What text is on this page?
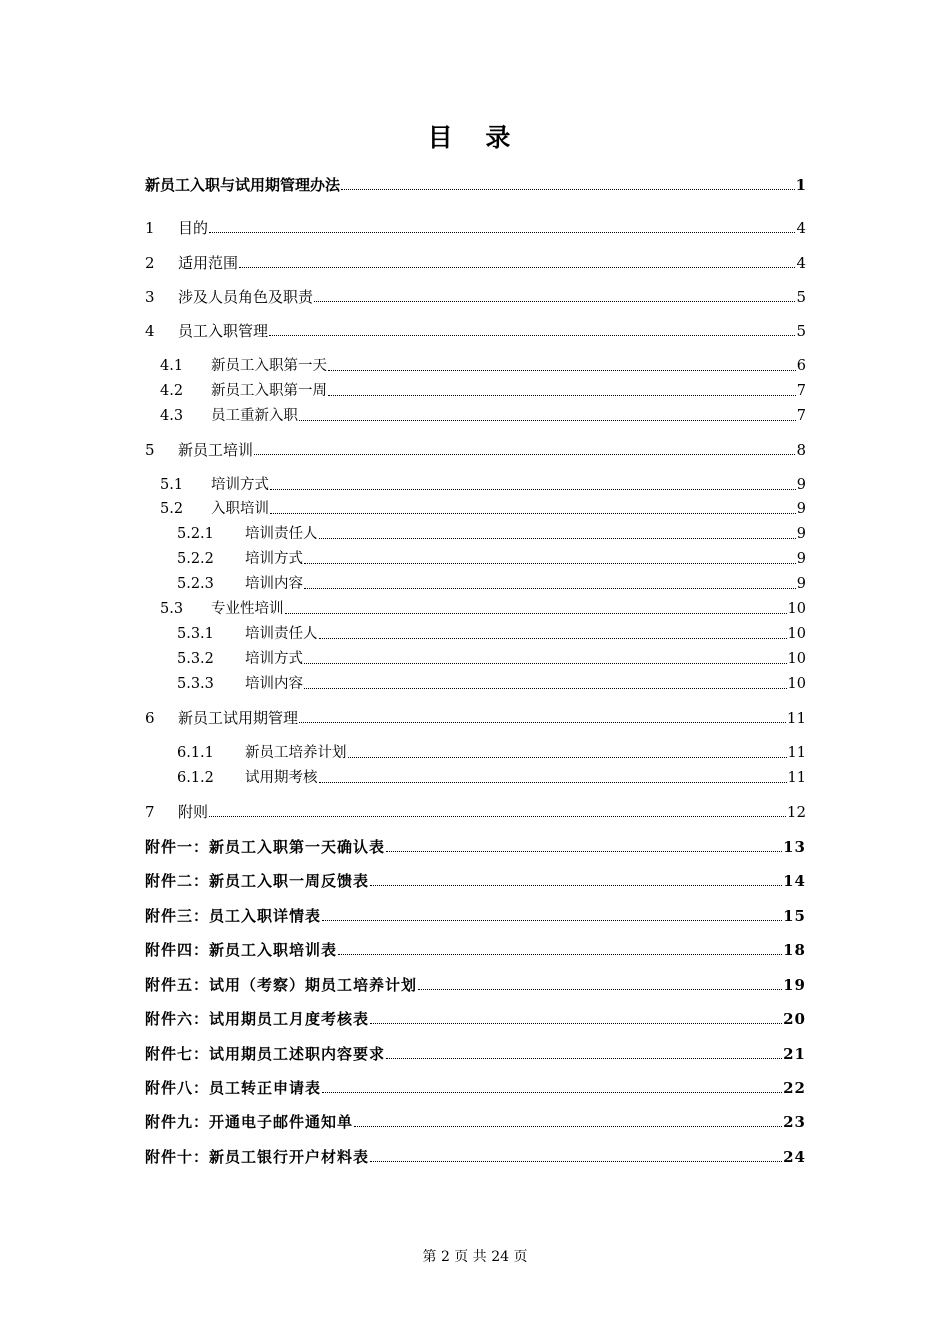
目 录
新员工入职与试用期管理办法	1
1	目的	4
2	适用范围	4
3	涉及人员角色及职责	5
4	员工入职管理	5
4.1	新员工入职第一天	6
4.2	新员工入职第一周	7
4.3	员工重新入职	7
5	新员工培训	8
5.1	培训方式	9
5.2	入职培训	9
5.2.1	培训责任人	9
5.2.2	培训方式	9
5.2.3	培训内容	9
5.3	专业性培训	10
5.3.1	培训责任人	10
5.3.2	培训方式	10
5.3.3	培训内容	10
6	新员工试用期管理	11
6.1.1	新员工培养计划	11
6.1.2	试用期考核	11
7	附则	12
附件一：新员工入职第一天确认表	13
附件二：新员工入职一周反馈表	14
附件三：员工入职详情表	15
附件四：新员工入职培训表	18
附件五：试用（考察）期员工培养计划	19
附件六：试用期员工月度考核表	20
附件七：试用期员工述职内容要求	21
附件八：员工转正申请表	22
附件九：开通电子邮件通知单	23
附件十：新员工银行开户材料表	24
第 2 页 共 24 页
